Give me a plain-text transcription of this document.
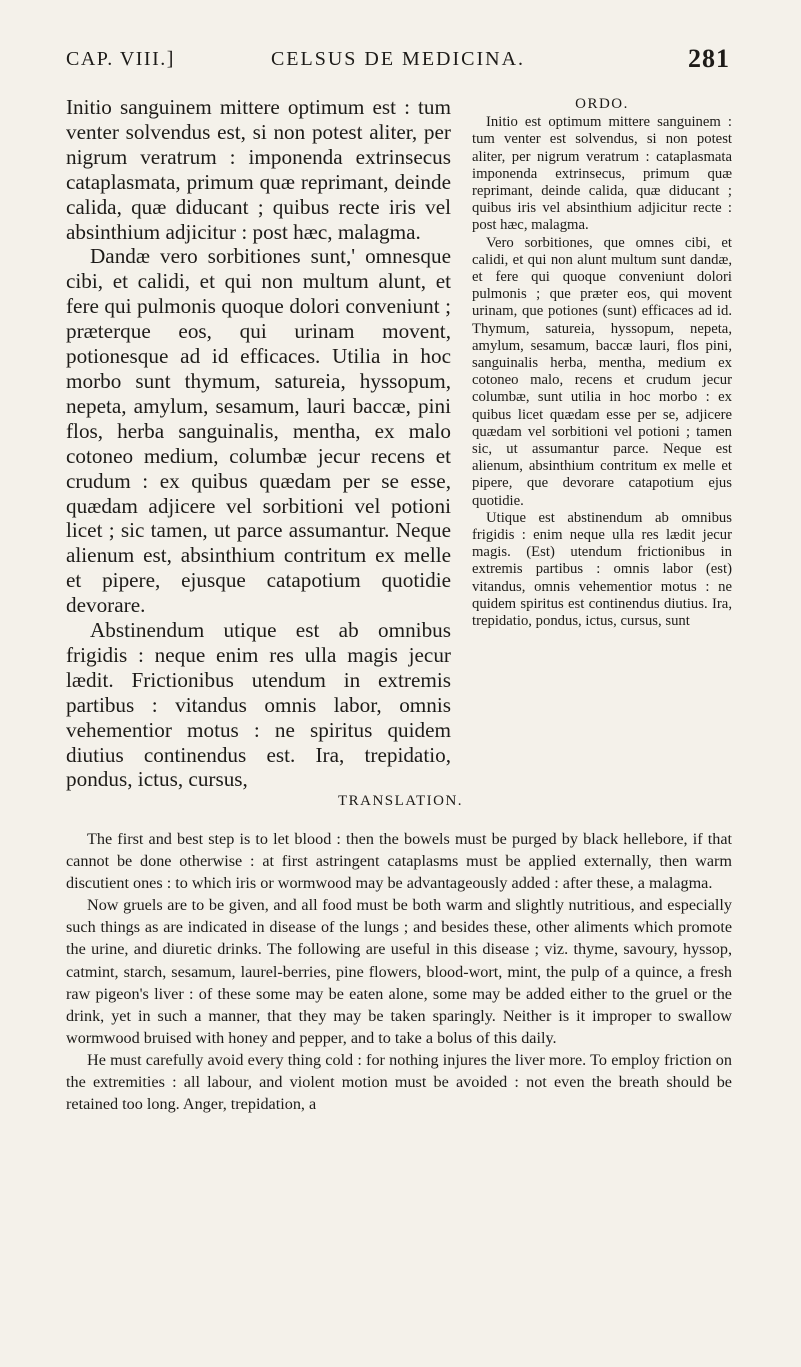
CAP. VIII.]	CELSUS DE MEDICINA.	281

Initio sanguinem mittere optimum est : tum venter solvendus est, si non potest aliter, per nigrum veratrum : imponenda extrinsecus cataplasmata, primum quæ reprimant, deinde calida, quæ diducant ; quibus recte iris vel absinthium adjicitur : post hæc, malagma.

Dandæ vero sorbitiones sunt,' omnesque cibi, et calidi, et qui non multum alunt, et fere qui pulmonis quoque dolori conveniunt ; præterque eos, qui urinam movent, potionesque ad id efficaces. Utilia in hoc morbo sunt thymum, satureia, hyssopum, nepeta, amylum, sesamum, lauri baccæ, pini flos, herba sanguinalis, mentha, ex malo cotoneo medium, columbæ jecur recens et crudum : ex quibus quædam per se esse, quædam adjicere vel sorbitioni vel potioni licet ; sic tamen, ut parce assumantur. Neque alienum est, absinthium contritum ex melle et pipere, ejusque catapotium quotidie devorare.

Abstinendum utique est ab omnibus frigidis : neque enim res ulla magis jecur lædit. Frictionibus utendum in extremis partibus : vitandus omnis labor, omnis vehementior motus : ne spiritus quidem diutius continendus est. Ira, trepidatio, pondus, ictus, cursus,

ORDO.

Initio est optimum mittere sanguinem : tum venter est solvendus, si non potest aliter, per nigrum veratrum : cataplasmata imponenda extrinsecus, primum quæ reprimant, deinde calida, quæ diducant ; quibus iris vel absinthium adjicitur recte : post hæc, malagma.

Vero sorbitiones, que omnes cibi, et calidi, et qui non alunt multum sunt dandæ, et fere qui quoque conveniunt dolori pulmonis ; que præter eos, qui movent urinam, que potiones (sunt) efficaces ad id. Thymum, satureia, hyssopum, nepeta, amylum, sesamum, baccæ lauri, flos pini, sanguinalis herba, mentha, medium ex cotoneo malo, recens et crudum jecur columbæ, sunt utilia in hoc morbo : ex quibus licet quædam esse per se, adjicere quædam vel sorbitioni vel potioni ; tamen sic, ut assumantur parce. Neque est alienum, absinthium contritum ex melle et pipere, que devorare catapotium ejus quotidie.

Utique est abstinendum ab omnibus frigidis : enim neque ulla res lædit jecur magis. (Est) utendum frictionibus in extremis partibus : omnis labor (est) vitandus, omnis vehementior motus : ne quidem spiritus est continendus diutius. Ira, trepidatio, pondus, ictus, cursus, sunt

TRANSLATION.

The first and best step is to let blood : then the bowels must be purged by black hellebore, if that cannot be done otherwise : at first astringent cataplasms must be applied externally, then warm discutient ones : to which iris or wormwood may be advantageously added : after these, a malagma.

Now gruels are to be given, and all food must be both warm and slightly nutritious, and especially such things as are indicated in disease of the lungs ; and besides these, other aliments which promote the urine, and diuretic drinks. The following are useful in this disease ; viz. thyme, savoury, hyssop, catmint, starch, sesamum, laurel-berries, pine flowers, blood-wort, mint, the pulp of a quince, a fresh raw pigeon's liver : of these some may be eaten alone, some may be added either to the gruel or the drink, yet in such a manner, that they may be taken sparingly. Neither is it improper to swallow wormwood bruised with honey and pepper, and to take a bolus of this daily.

He must carefully avoid every thing cold : for nothing injures the liver more. To employ friction on the extremities : all labour, and violent motion must be avoided : not even the breath should be retained too long. Anger, trepidation, a
